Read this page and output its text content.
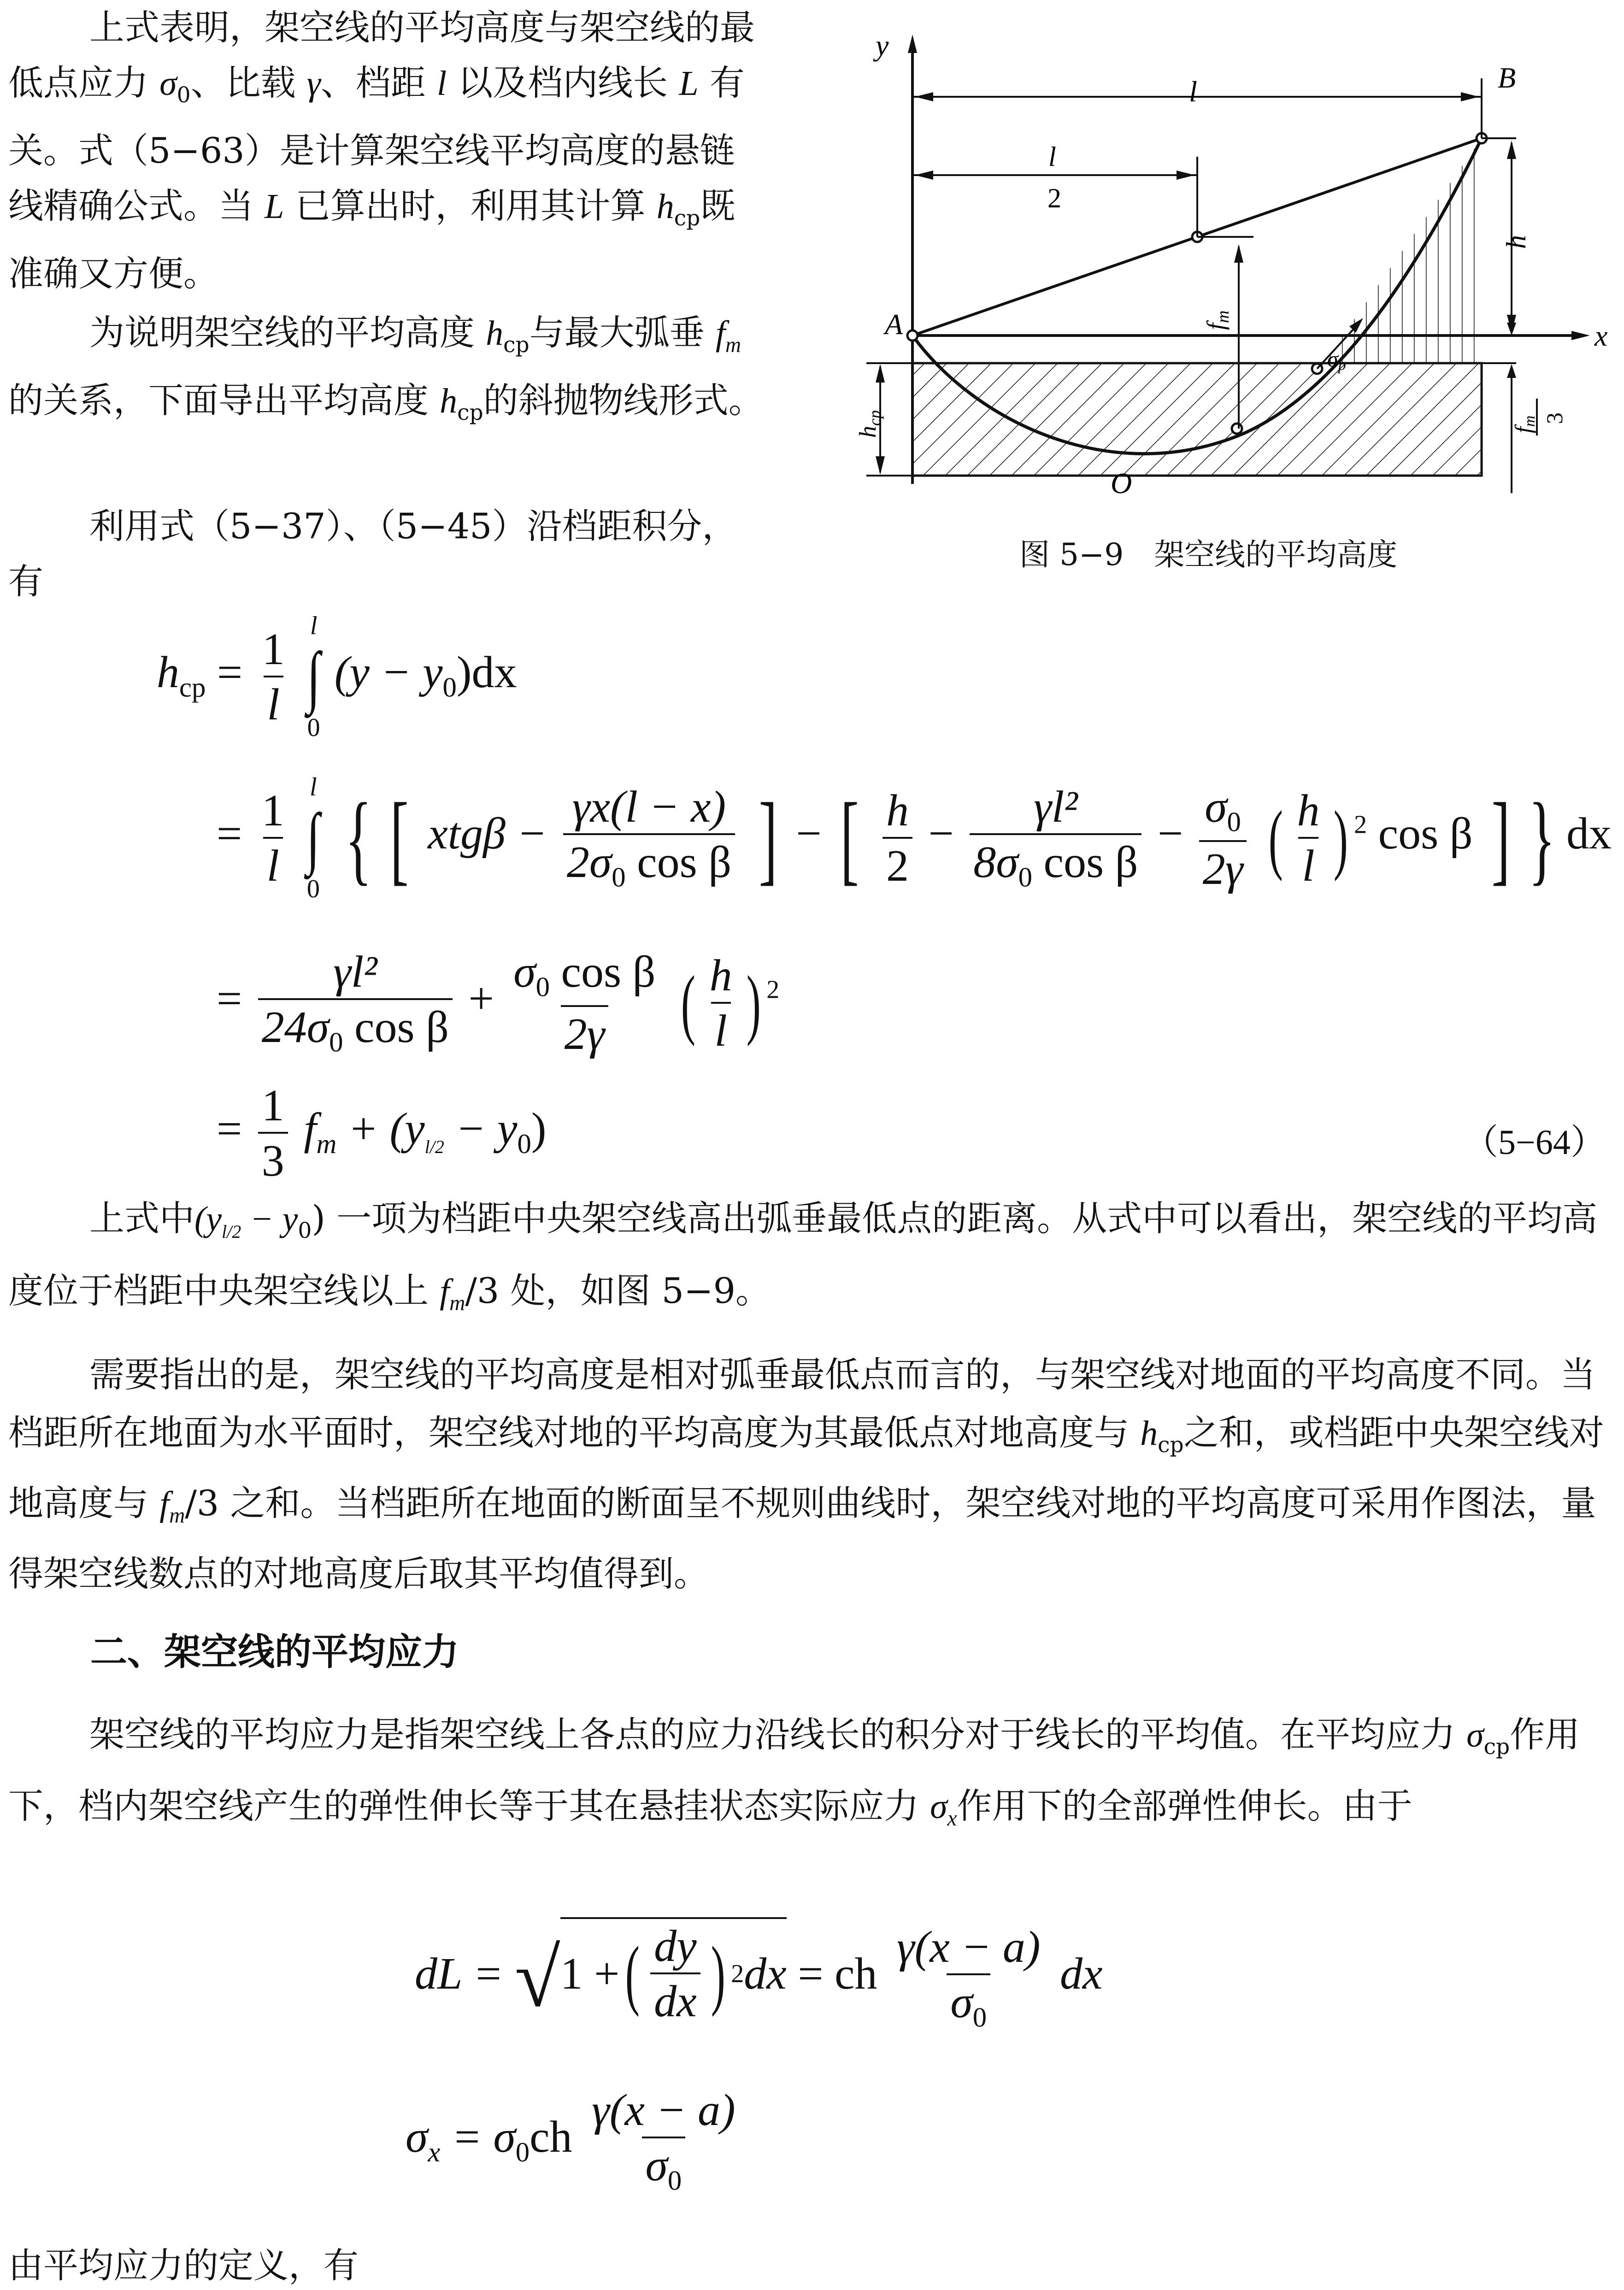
上式表明，架空线的平均高度与架空线的最低点应力 $\sigma_0$、比载 γ、档距 l 以及档内线长 L 有关。式（5−63）是计算架空线平均高度的悬链线精确公式。当 L 已算出时，利用其计算 $h_{cp}$既准确又方便。
为说明架空线的平均高度 $h_{cp}$与最大弧垂 $f_m$的关系，下面导出平均高度 $h_{cp}$的斜抛物线形式。
利用式（5−37）、（5−45）沿档距积分，有
l
l
2
fm
h
fm 3
hcp
σp
y
x
A
B
O
图 5−9　架空线的平均高度
$h_{cp} = \frac{1}{l}$

l
∫
0
$(y - y_0)dx$
= $\frac{1}{l}$

l
∫
0 { [ $xtg\beta - \frac{\gamma x(l - x)}{2\sigma_0 \cos \beta}$ ] − [ $\frac{h}{2} - \frac{\text{γl²}}{8\sigma_0 \cos \beta} - \frac{\sigma_0}{2\gamma}$ ( $\frac{h}{l}$ ) $^2$ cos β ] } dx
= $\frac{\text{γl²}}{24\sigma_0 \cos \beta} + \frac{\sigma_0 \cos \beta}{2\gamma}$ ( $\frac{h}{l}$ ) $^2$
= $\frac{1}{3} f_m + (y_{l/2} - y_0)$	（5−64）
上式中$(y_{l/2} - y_0)$ 一项为档距中央架空线高出弧垂最低点的距离。从式中可以看出，架空线的平均高度位于档距中央架空线以上 $f_m/3$ 处，如图 5−9。
需要指出的是，架空线的平均高度是相对弧垂最低点而言的，与架空线对地面的平均高度不同。当档距所在地面为水平面时，架空线对地的平均高度为其最低点对地高度与 $h_{cp}$之和，或档距中央架空线对地高度与 $f_m/3$ 之和。当档距所在地面的断面呈不规则曲线时，架空线对地的平均高度可采用作图法，量得架空线数点的对地高度后取其平均值得到。
二、架空线的平均应力
架空线的平均应力是指架空线上各点的应力沿线长的积分对于线长的平均值。在平均应力 $\sigma_{cp}$作用下，档内架空线产生的弹性伸长等于其在悬挂状态实际应力 $\sigma_x$作用下的全部弹性伸长。由于
dL = √ 1 + ( $\frac{dy}{dx}$ ) 2 dx = ch $\frac{\gamma(x - a)}{\sigma_0}$ dx
$\sigma_x = \sigma_0ch \frac{\gamma(x - a)}{\sigma_0}$
由平均应力的定义，有
